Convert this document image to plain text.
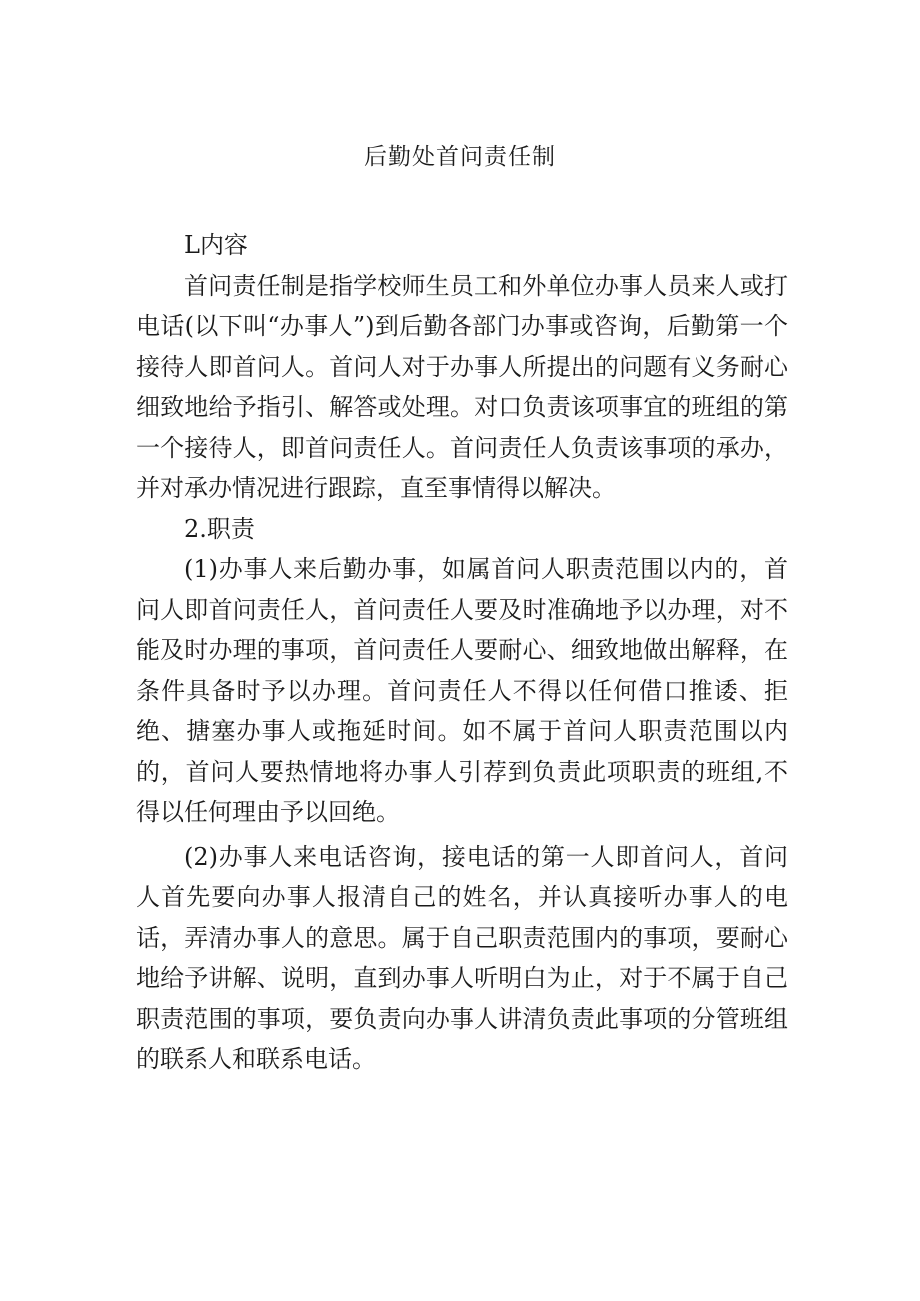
后勤处首问责任制

L内容

首问责任制是指学校师生员工和外单位办事人员来人或打电话(以下叫“办事人”)到后勤各部门办事或咨询，后勤第一个接待人即首问人。首问人对于办事人所提出的问题有义务耐心细致地给予指引、解答或处理。对口负责该项事宜的班组的第一个接待人，即首问责任人。首问责任人负责该事项的承办，并对承办情况进行跟踪，直至事情得以解决。

2.职责

(1)办事人来后勤办事，如属首问人职责范围以内的，首问人即首问责任人，首问责任人要及时准确地予以办理，对不能及时办理的事项，首问责任人要耐心、细致地做出解释，在条件具备时予以办理。首问责任人不得以任何借口推诿、拒绝、搪塞办事人或拖延时间。如不属于首问人职责范围以内的，首问人要热情地将办事人引荐到负责此项职责的班组,不得以任何理由予以回绝。

(2)办事人来电话咨询，接电话的第一人即首问人，首问人首先要向办事人报清自己的姓名，并认真接听办事人的电话，弄清办事人的意思。属于自己职责范围内的事项，要耐心地给予讲解、说明，直到办事人听明白为止，对于不属于自己职责范围的事项，要负责向办事人讲清负责此事项的分管班组的联系人和联系电话。
